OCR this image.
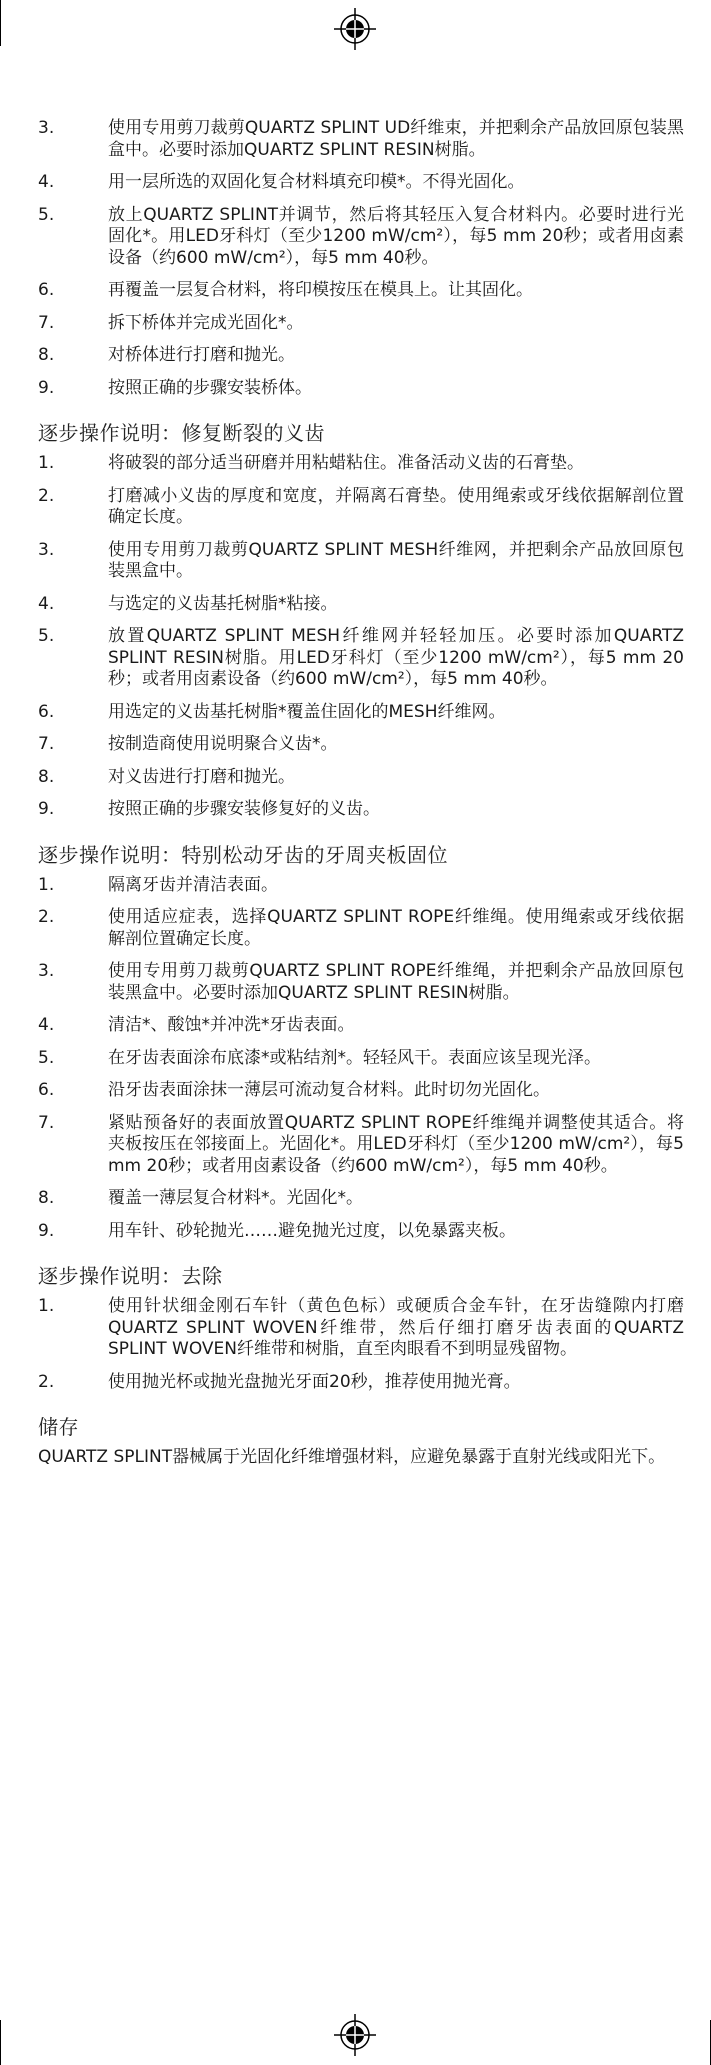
3.	使用专用剪刀裁剪QUARTZ SPLINT UD纤维束，并把剩余产品放回原包装黑盒中。必要时添加QUARTZ SPLINT RESIN树脂。
4.	用一层所选的双固化复合材料填充印模*。不得光固化。
5.	放上QUARTZ SPLINT并调节，然后将其轻压入复合材料内。必要时进行光固化*。用LED牙科灯（至少1200 mW/cm²），每5 mm 20秒；或者用卤素设备（约600 mW/cm²），每5 mm 40秒。
6.	再覆盖一层复合材料，将印模按压在模具上。让其固化。
7.	拆下桥体并完成光固化*。
8.	对桥体进行打磨和抛光。
9.	按照正确的步骤安装桥体。
逐步操作说明：修复断裂的义齿
1.	将破裂的部分适当研磨并用粘蜡粘住。准备活动义齿的石膏垫。
2.	打磨减小义齿的厚度和宽度，并隔离石膏垫。使用绳索或牙线依据解剖位置确定长度。
3.	使用专用剪刀裁剪QUARTZ SPLINT MESH纤维网，并把剩余产品放回原包装黑盒中。
4.	与选定的义齿基托树脂*粘接。
5.	放置QUARTZ SPLINT MESH纤维网并轻轻加压。必要时添加QUARTZ SPLINT RESIN树脂。用LED牙科灯（至少1200 mW/cm²），每5 mm 20秒；或者用卤素设备（约600 mW/cm²），每5 mm 40秒。
6.	用选定的义齿基托树脂*覆盖住固化的MESH纤维网。
7.	按制造商使用说明聚合义齿*。
8.	对义齿进行打磨和抛光。
9.	按照正确的步骤安装修复好的义齿。
逐步操作说明：特别松动牙齿的牙周夹板固位
1.	隔离牙齿并清洁表面。
2.	使用适应症表，选择QUARTZ SPLINT ROPE纤维绳。使用绳索或牙线依据解剖位置确定长度。
3.	使用专用剪刀裁剪QUARTZ SPLINT ROPE纤维绳，并把剩余产品放回原包装黑盒中。必要时添加QUARTZ SPLINT RESIN树脂。
4.	清洁*、酸蚀*并冲洗*牙齿表面。
5.	在牙齿表面涂布底漆*或粘结剂*。轻轻风干。表面应该呈现光泽。
6.	沿牙齿表面涂抹一薄层可流动复合材料。此时切勿光固化。
7.	紧贴预备好的表面放置QUARTZ SPLINT ROPE纤维绳并调整使其适合。将夹板按压在邻接面上。光固化*。用LED牙科灯（至少1200 mW/cm²），每5 mm 20秒；或者用卤素设备（约600 mW/cm²），每5 mm 40秒。
8.	覆盖一薄层复合材料*。光固化*。
9.	用车针、砂轮抛光……避免抛光过度，以免暴露夹板。
逐步操作说明：去除
1.	使用针状细金刚石车针（黄色色标）或硬质合金车针，在牙齿缝隙内打磨QUARTZ SPLINT WOVEN纤维带，然后仔细打磨牙齿表面的QUARTZ SPLINT WOVEN纤维带和树脂，直至肉眼看不到明显残留物。
2.	使用抛光杯或抛光盘抛光牙面20秒，推荐使用抛光膏。
储存

QUARTZ SPLINT器械属于光固化纤维增强材料，应避免暴露于直射光线或阳光下。
